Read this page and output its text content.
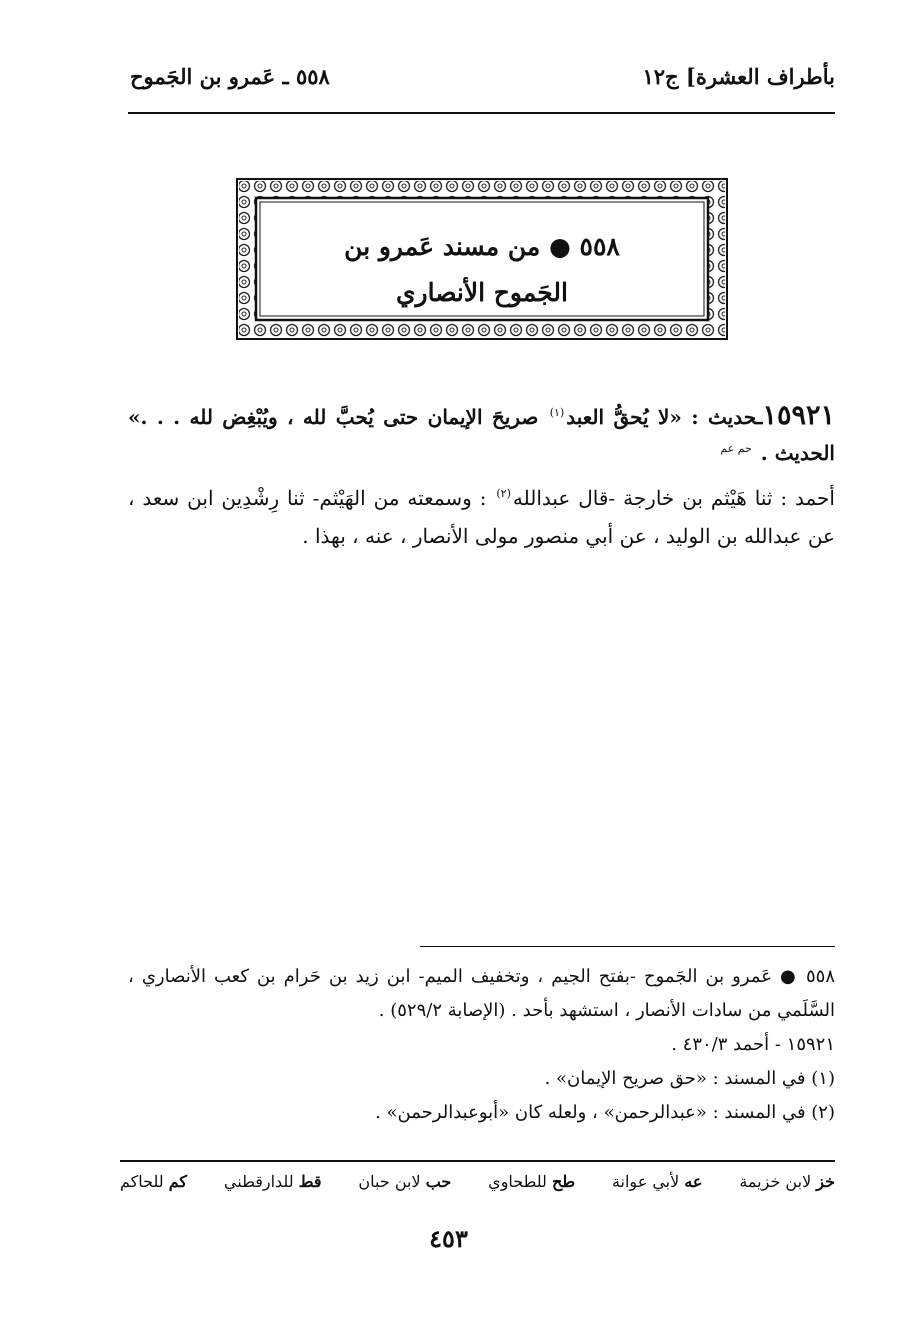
بأطراف العشرة] ج١٢
٥٥٨ ـ عَمرو بن الجَموح
٥٥٨ ● من مسند عَمرو بن
الجَموح الأنصاري
١٥٩٢١ـحديث : «لا يُحقُّ العبد$^{(١)}$ صريحَ الإيمان حتى يُحبَّ لله ، ويُبْغِض لله . . .» الحديث . $^{حم عم}$
أحمد : ثنا هَيْثم بن خارجة -قال عبدالله$^{(٢)}$ : وسمعته من الهَيْثم- ثنا رِشْدِين ابن سعد ، عن عبدالله بن الوليد ، عن أبي منصور مولى الأنصار ، عنه ، بهذا .
٥٥٨ ● عَمرو بن الجَموح -بفتح الجيم ، وتخفيف الميم- ابن زيد بن حَرام بن كعب الأنصاري ، السَّلَمي من سادات الأنصار ، استشهد بأحد . (الإصابة ٥٢٩/٢) .
١٥٩٢١ - أحمد ٤٣٠/٣ .
(١) في المسند : «حق صريح الإيمان» .
(٢) في المسند : «عبدالرحمن» ، ولعله كان «أبوعبدالرحمن» .
خز لابن خزيمة
عه لأبي عوانة
طح للطحاوي
حب لابن حبان
قط للدارقطني
كم للحاكم
٤٥٣
